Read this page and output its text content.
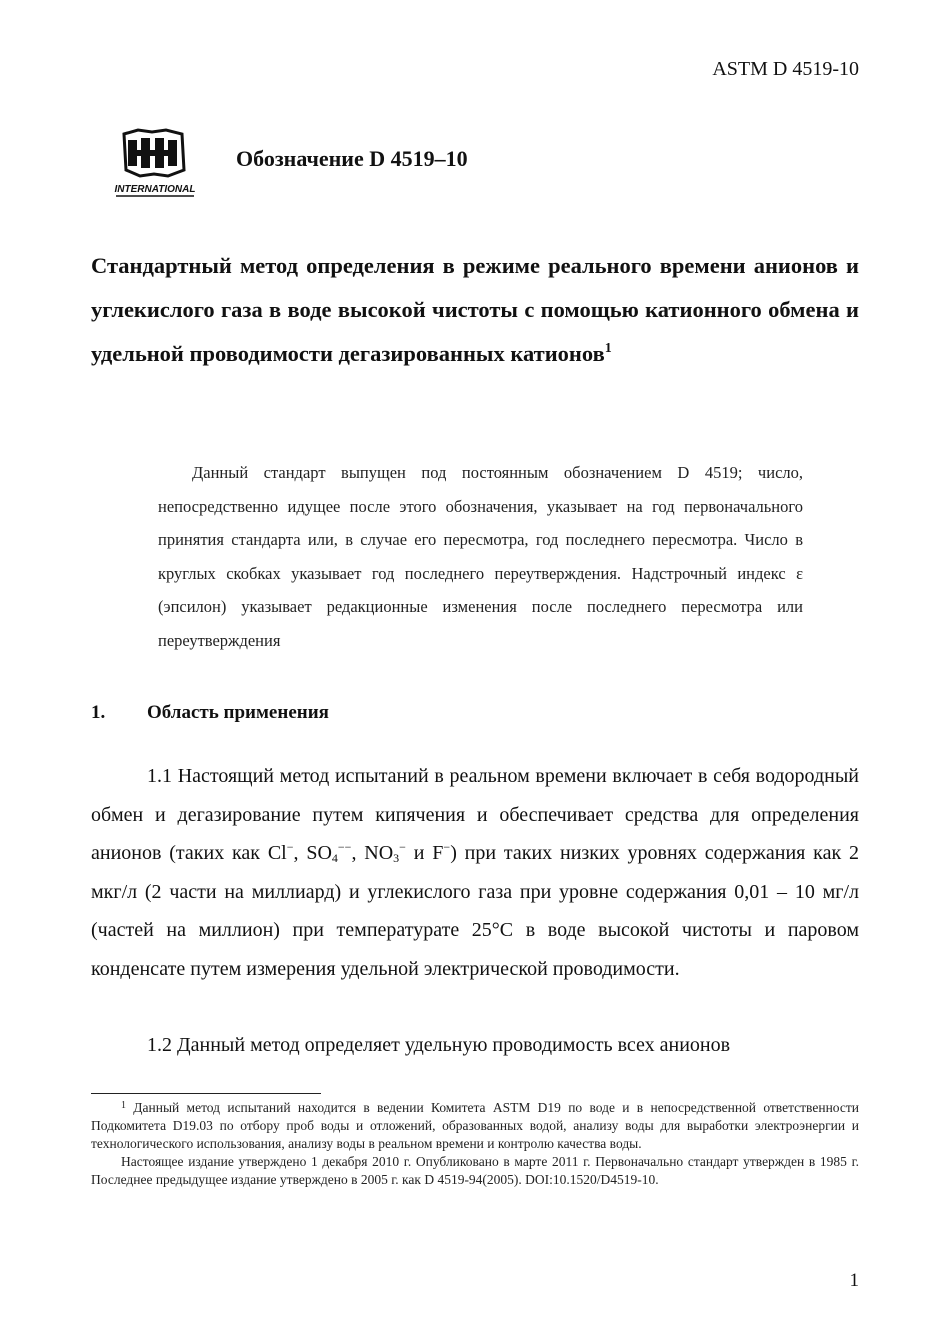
ASTM D 4519-10
INTERNATIONAL
Обозначение D 4519–10
Стандартный метод определения в режиме реального времени анионов и углекислого газа в воде высокой чистоты с помощью катионного обмена и удельной проводимости дегазированных катионов$^1$
Данный стандарт выпущен под постоянным обозначением D 4519; число, непосредственно идущее после этого обозначения, указывает на год первоначального принятия стандарта или, в случае его пересмотра, год последнего пересмотра. Число в круглых скобках указывает год последнего переутверждения. Надстрочный индекс ε (эпсилон) указывает редакционные изменения после последнего пересмотра или переутверждения
1. Область применения
1.1 Настоящий метод испытаний в реальном времени включает в себя водородный обмен и дегазирование путем кипячения и обеспечивает средства для определения анионов (таких как Cl−, $SO_4^{--}$, $NO_3^-$ и F−) при таких низких уровнях содержания как 2 мкг/л (2 части на миллиард) и углекислого газа при уровне содержания 0,01 – 10 мг/л (частей на миллион) при температурате 25°C в воде высокой чистоты и паровом конденсате путем измерения удельной электрической проводимости.
1.2 Данный метод определяет удельную проводимость всех анионов

$^1$ Данный метод испытаний находится в ведении Комитета ASTM D19 по воде и в непосредственной ответственности Подкомитета D19.03 по отбору проб воды и отложений, образованных водой, анализу воды для выработки электроэнергии и технологического использования, анализу воды в реальном времени и контролю качества воды.

Настоящее издание утверждено 1 декабря 2010 г. Опубликовано в марте 2011 г. Первоначально стандарт утвержден в 1985 г. Последнее предыдущее издание утверждено в 2005 г. как D 4519-94(2005). DOI:10.1520/D4519-10.

1
